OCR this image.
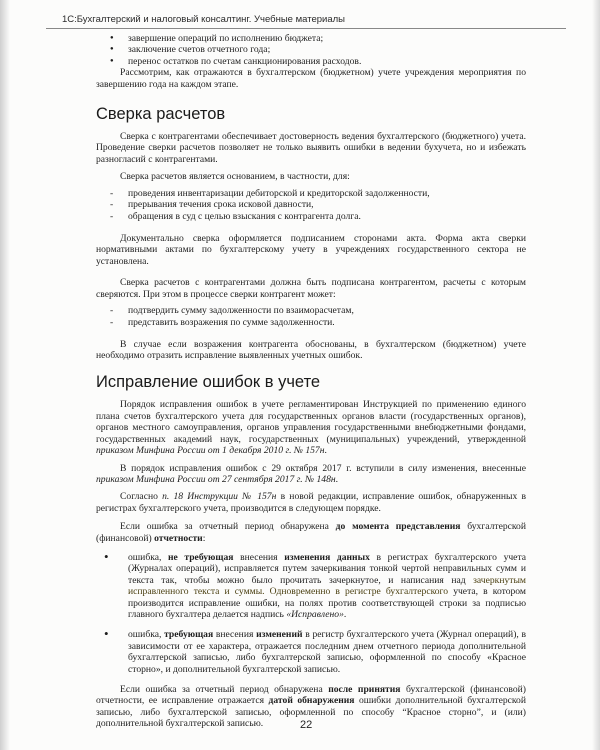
1С:Бухгалтерский и налоговый консалтинг. Учебные материалы
● завершение операций по исполнению бюджета;
● заключение счетов отчетного года;
● перенос остатков по счетам санкционирования расходов.

Рассмотрим, как отражаются в бухгалтерском (бюджетном) учете учреждения мероприятия по завершению года на каждом этапе.

Сверка расчетов

Сверка с контрагентами обеспечивает достоверность ведения бухгалтерского (бюджетного) учета. Проведение сверки расчетов позволяет не только выявить ошибки в ведении бухучета, но и избежать разногласий с контрагентами.

Сверка расчетов является основанием, в частности, для:

- проведения инвентаризации дебиторской и кредиторской задолженности,
- прерывания течения срока исковой давности,
- обращения в суд с целью взыскания с контрагента долга.

Документально сверка оформляется подписанием сторонами акта. Форма акта сверки нормативными актами по бухгалтерскому учету в учреждениях государственного сектора не установлена.

Сверка расчетов с контрагентами должна быть подписана контрагентом, расчеты с которым сверяются. При этом в процессе сверки контрагент может:

- подтвердить сумму задолженности по взаиморасчетам,
- представить возражения по сумме задолженности.

В случае если возражения контрагента обоснованы, в бухгалтерском (бюджетном) учете необходимо отразить исправление выявленных учетных ошибок.

Исправление ошибок в учете

Порядок исправления ошибок в учете регламентирован Инструкцией по применению единого плана счетов бухгалтерского учета для государственных органов власти (государственных органов), органов местного самоуправления, органов управления государственными внебюджетными фондами, государственных академий наук, государственных (муниципальных) учреждений, утвержденной приказом Минфина России от 1 декабря 2010 г. № 157н.

В порядок исправления ошибок с 29 октября 2017 г. вступили в силу изменения, внесенные приказом Минфина России от 27 сентября 2017 г. № 148н.

Согласно п. 18 Инструкции № 157н в новой редакции, исправление ошибок, обнаруженных в регистрах бухгалтерского учета, производится в следующем порядке.

Если ошибка за отчетный период обнаружена до момента представления бухгалтерской (финансовой) отчетности:

• ошибка, не требующая внесения изменения данных в регистрах бухгалтерского учета (Журналах операций), исправляется путем зачеркивания тонкой чертой неправильных сумм и текста так, чтобы можно было прочитать зачеркнутое, и написания над зачеркнутым исправленного текста и суммы. Одновременно в регистре бухгалтерского учета, в котором производится исправление ошибки, на полях против соответствующей строки за подписью главного бухгалтера делается надпись «Исправлено».
• ошибка, требующая внесения изменений в регистр бухгалтерского учета (Журнал операций), в зависимости от ее характера, отражается последним днем отчетного периода дополнительной бухгалтерской записью, либо бухгалтерской записью, оформленной по способу «Красное сторно», и дополнительной бухгалтерской записью.

Если ошибка за отчетный период обнаружена после принятия бухгалтерской (финансовой) отчетности, ее исправление отражается датой обнаружения ошибки дополнительной бухгалтерской записью, либо бухгалтерской записью, оформленной по способу “Красное сторно”, и (или) дополнительной бухгалтерской записью.	22
